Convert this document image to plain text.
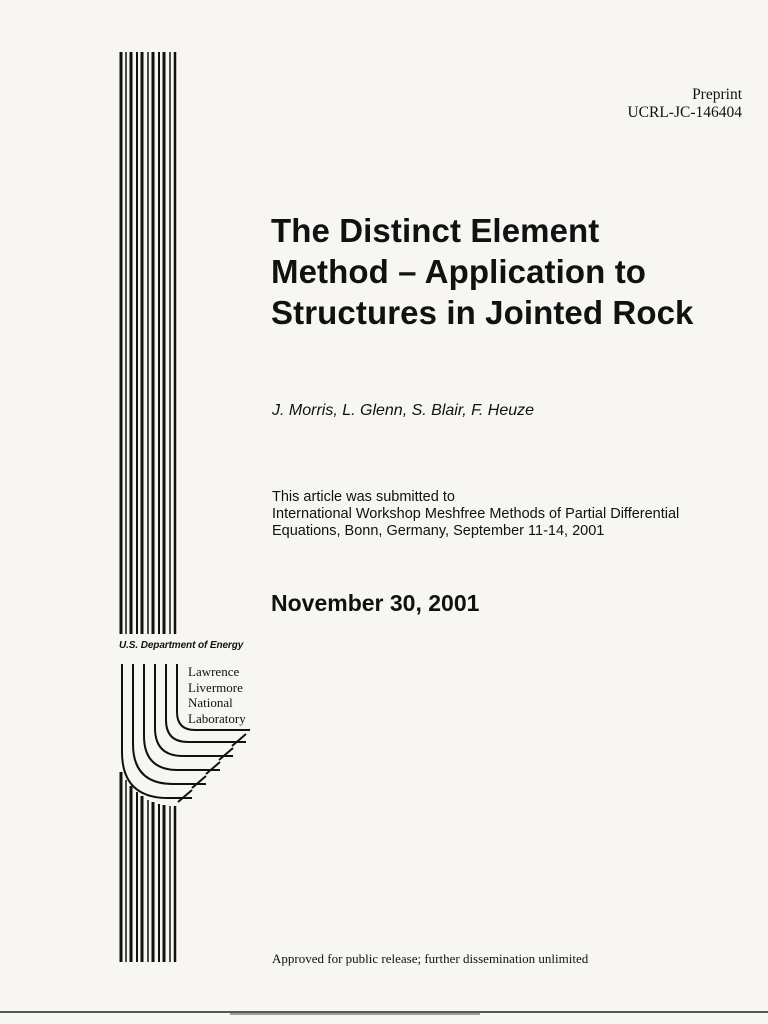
Preprint
UCRL-JC-146404
The Distinct Element
Method – Application to
Structures in Jointed Rock
J. Morris, L. Glenn, S. Blair, F. Heuze
This article was submitted to
International Workshop Meshfree Methods of Partial Differential
Equations, Bonn, Germany, September 11-14, 2001
November 30, 2001
U.S. Department of Energy
Lawrence
Livermore
National
Laboratory
Approved for public release; further dissemination unlimited
